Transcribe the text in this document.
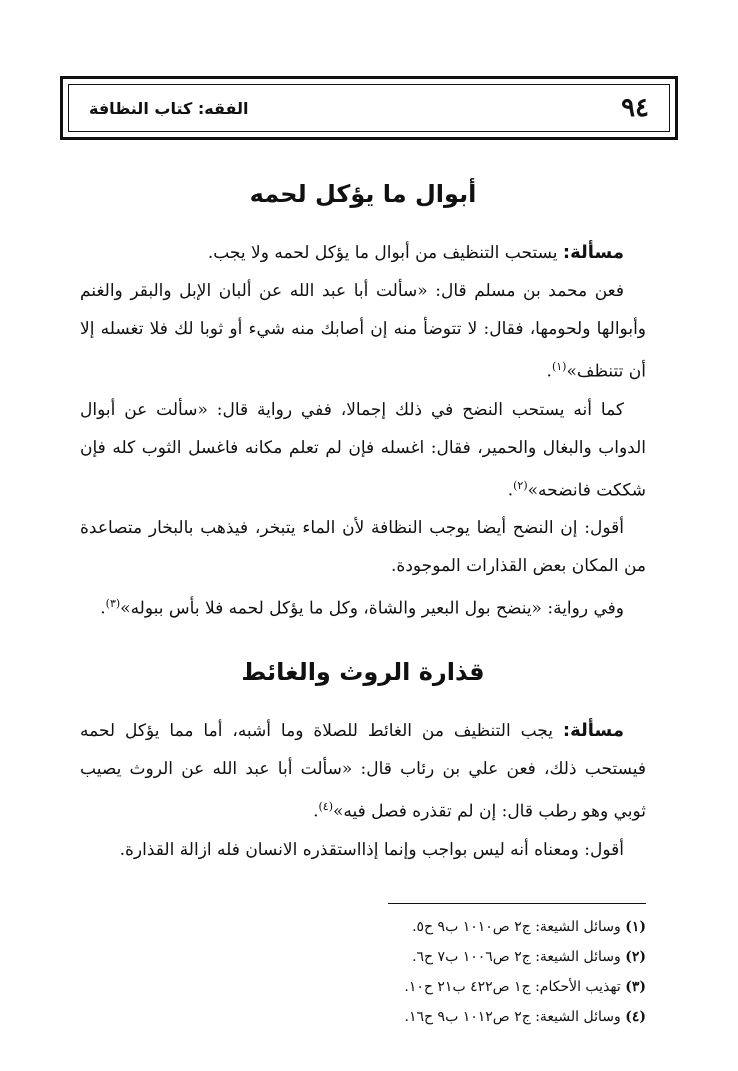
٩٤
الفقه: كتاب النظافة
أبوال ما يؤكل لحمه

مسألة: يستحب التنظيف من أبوال ما يؤكل لحمه ولا يجب.

فعن محمد بن مسلم قال: «سألت أبا عبد الله عن ألبان الإبل والبقر والغنم وأبوالها ولحومها، فقال: لا تتوضأ منه إن أصابك منه شيء أو ثوبا لك فلا تغسله إلا أن تتنظف»$^{(١)}$.

كما أنه يستحب النضح في ذلك إجمالا، ففي رواية قال: «سألت عن أبوال الدواب والبغال والحمير، فقال: اغسله فإن لم تعلم مكانه فاغسل الثوب كله فإن شككت فانضحه»$^{(٢)}$.

أقول: إن النضح أيضا يوجب النظافة لأن الماء يتبخر، فيذهب بالبخار متصاعدة من المكان بعض القذارات الموجودة.

وفي رواية: «ينضح بول البعير والشاة، وكل ما يؤكل لحمه فلا بأس ببوله»$^{(٣)}$.

قذارة الروث والغائط

مسألة: يجب التنظيف من الغائط للصلاة وما أشبه، أما مما يؤكل لحمه فيستحب ذلك، فعن علي بن رئاب قال: «سألت أبا عبد الله عن الروث يصيب ثوبي وهو رطب قال: إن لم تقذره فصل فيه»$^{(٤)}$.

أقول: ومعناه أنه ليس بواجب وإنما إذااستقذره الانسان فله ازالة القذارة.

(١) وسائل الشيعة: ج٢ ص١٠١٠ ب٩ ح٥.

(٢) وسائل الشيعة: ج٢ ص١٠٠٦ ب٧ ح٦.

(٣) تهذيب الأحكام: ج١ ص٤٢٢ ب٢١ ح١٠.

(٤) وسائل الشيعة: ج٢ ص١٠١٢ ب٩ ح١٦.
